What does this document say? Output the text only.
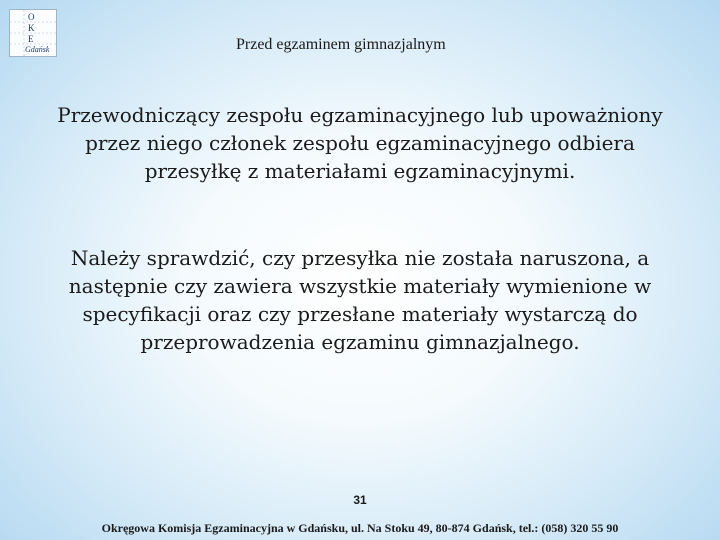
O
K
E
Gdańsk	Przed egzaminem gimnazjalnym

Przewodniczący zespołu egzaminacyjnego lub upoważniony przez niego członek zespołu egzaminacyjnego odbiera przesyłkę z materiałami egzaminacyjnymi.

Należy sprawdzić, czy przesyłka nie została naruszona, a następnie czy zawiera wszystkie materiały wymienione w specyfikacji oraz czy przesłane materiały wystarczą do przeprowadzenia egzaminu gimnazjalnego.

31
Okręgowa Komisja Egzaminacyjna w Gdańsku, ul. Na Stoku 49, 80-874 Gdańsk, tel.: (058) 320 55 90
